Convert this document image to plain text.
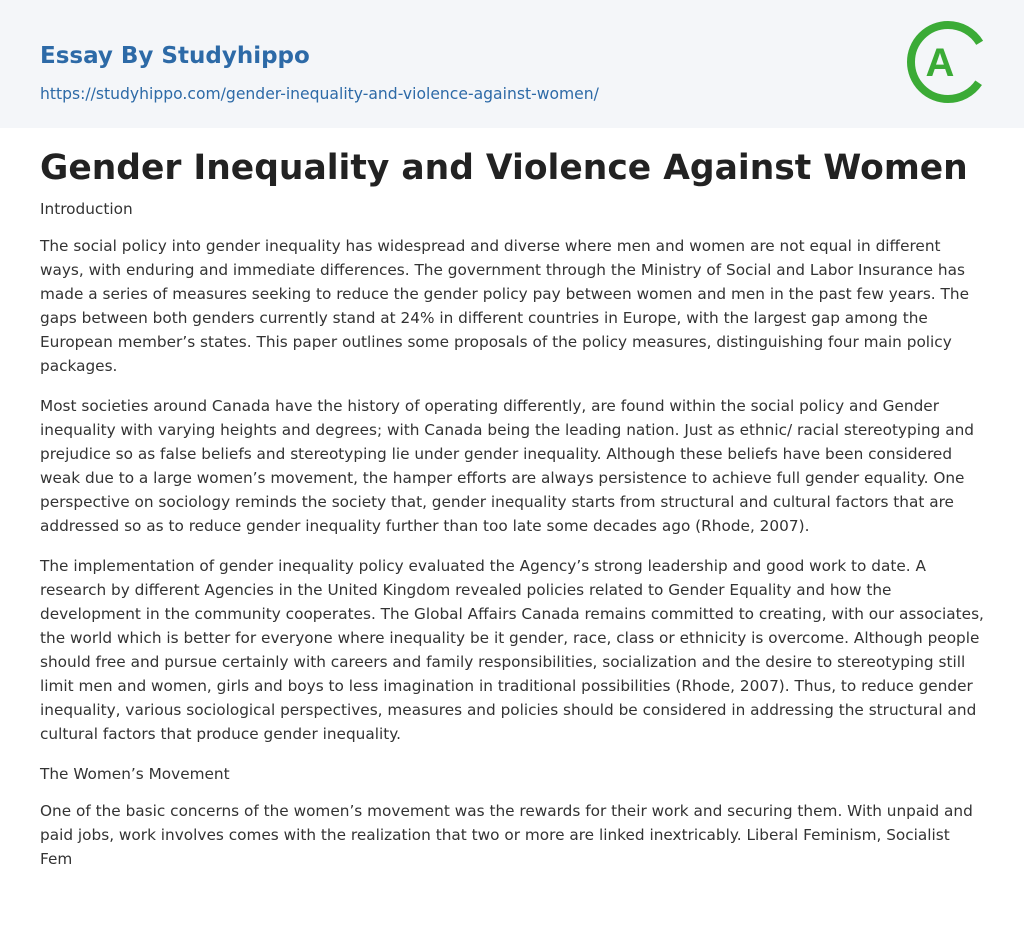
Essay By Studyhippo
https://studyhippo.com/gender-inequality-and-violence-against-women/
A
Gender Inequality and Violence Against Women

Introduction

The social policy into gender inequality has widespread and diverse where men and women are not equal in different ways, with enduring and immediate differences. The government through the Ministry of Social and Labor Insurance has made a series of measures seeking to reduce the gender policy pay between women and men in the past few years. The gaps between both genders currently stand at 24% in different countries in Europe, with the largest gap among the European member’s states. This paper outlines some proposals of the policy measures, distinguishing four main policy packages.

Most societies around Canada have the history of operating differently, are found within the social policy and Gender inequality with varying heights and degrees; with Canada being the leading nation. Just as ethnic/ racial stereotyping and prejudice so as false beliefs and stereotyping lie under gender inequality. Although these beliefs have been considered weak due to a large women’s movement, the hamper efforts are always persistence to achieve full gender equality. One perspective on sociology reminds the society that, gender inequality starts from structural and cultural factors that are addressed so as to reduce gender inequality further than too late some decades ago (Rhode, 2007).

The implementation of gender inequality policy evaluated the Agency’s strong leadership and good work to date. A research by different Agencies in the United Kingdom revealed policies related to Gender Equality and how the development in the community cooperates. The Global Affairs Canada remains committed to creating, with our associates, the world which is better for everyone where inequality be it gender, race, class or ethnicity is overcome. Although people should free and pursue certainly with careers and family responsibilities, socialization and the desire to stereotyping still limit men and women, girls and boys to less imagination in traditional possibilities (Rhode, 2007). Thus, to reduce gender inequality, various sociological perspectives, measures and policies should be considered in addressing the structural and cultural factors that produce gender inequality.

The Women’s Movement

One of the basic concerns of the women’s movement was the rewards for their work and securing them. With unpaid and paid jobs, work involves comes with the realization that two or more are linked inextricably. Liberal Feminism, Socialist Fem
